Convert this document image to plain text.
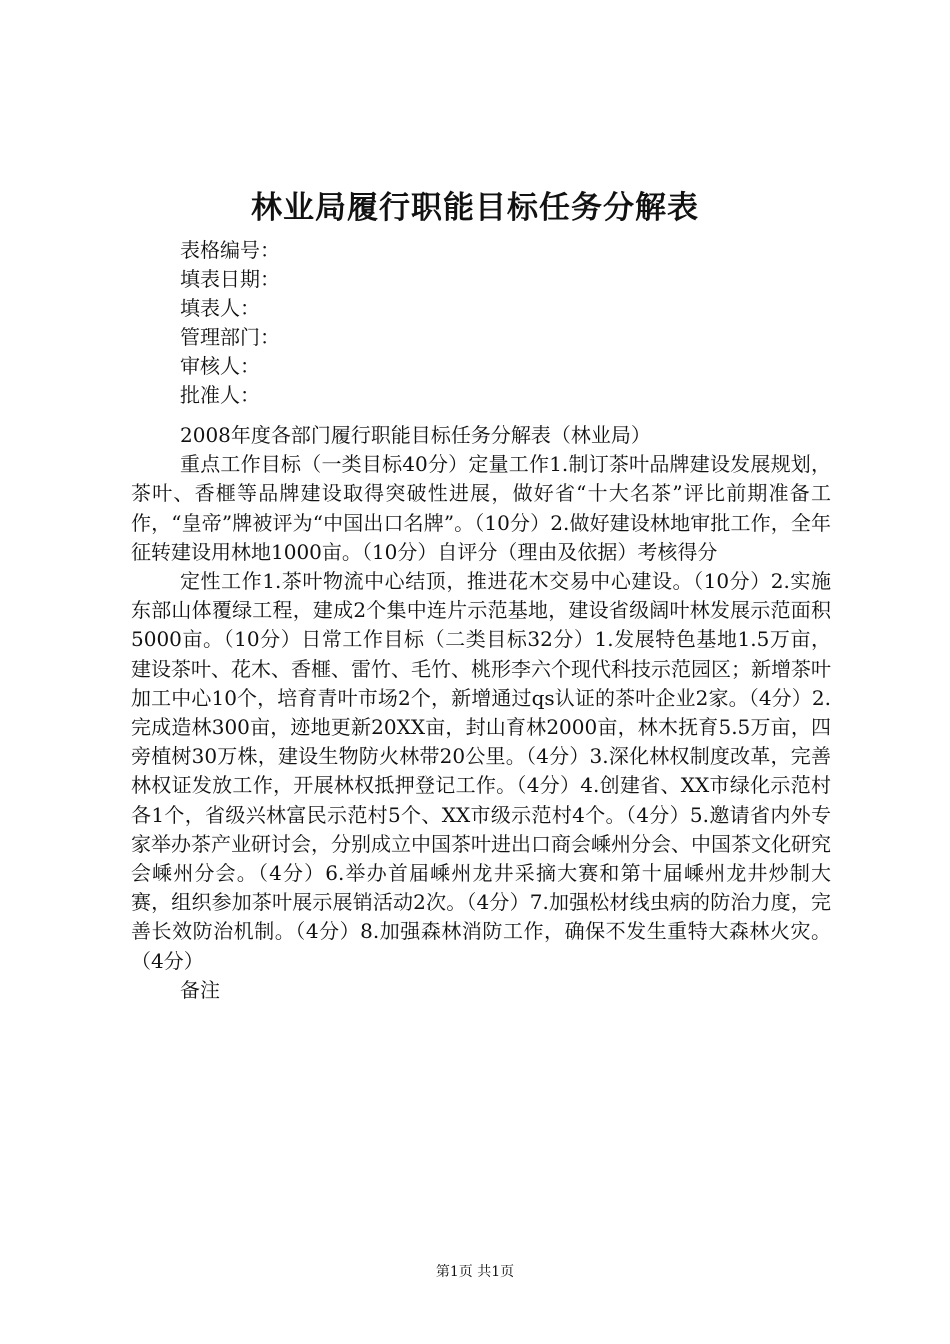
林业局履行职能目标任务分解表
表格编号：
填表日期：
填表人：
管理部门：
审核人：
批准人：

2008年度各部门履行职能目标任务分解表（林业局）

重点工作目标（一类目标40分）定量工作1.制订茶叶品牌建设发展规划，茶叶、香榧等品牌建设取得突破性进展，做好省“十大名茶”评比前期准备工作，“皇帝”牌被评为“中国出口名牌”。（10分）2.做好建设林地审批工作，全年征转建设用林地1000亩。（10分）自评分（理由及依据）考核得分

定性工作1.茶叶物流中心结顶，推进花木交易中心建设。（10分）2.实施东部山体覆绿工程，建成2个集中连片示范基地，建设省级阔叶林发展示范面积5000亩。（10分）日常工作目标（二类目标32分）1.发展特色基地1.5万亩，建设茶叶、花木、香榧、雷竹、毛竹、桃形李六个现代科技示范园区；新增茶叶加工中心10个，培育青叶市场2个，新增通过qs认证的茶叶企业2家。（4分）2.完成造林300亩，迹地更新20XX亩，封山育林2000亩，林木抚育5.5万亩，四旁植树30万株，建设生物防火林带20公里。（4分）3.深化林权制度改革，完善林权证发放工作，开展林权抵押登记工作。（4分）4.创建省、XX市绿化示范村各1个，省级兴林富民示范村5个、XX市级示范村4个。（4分）5.邀请省内外专家举办茶产业研讨会，分别成立中国茶叶进出口商会嵊州分会、中国茶文化研究会嵊州分会。（4分）6.举办首届嵊州龙井采摘大赛和第十届嵊州龙井炒制大赛，组织参加茶叶展示展销活动2次。（4分）7.加强松材线虫病的防治力度，完善长效防治机制。（4分）8.加强森林消防工作，确保不发生重特大森林火灾。（4分）

备注

第1页 共1页
